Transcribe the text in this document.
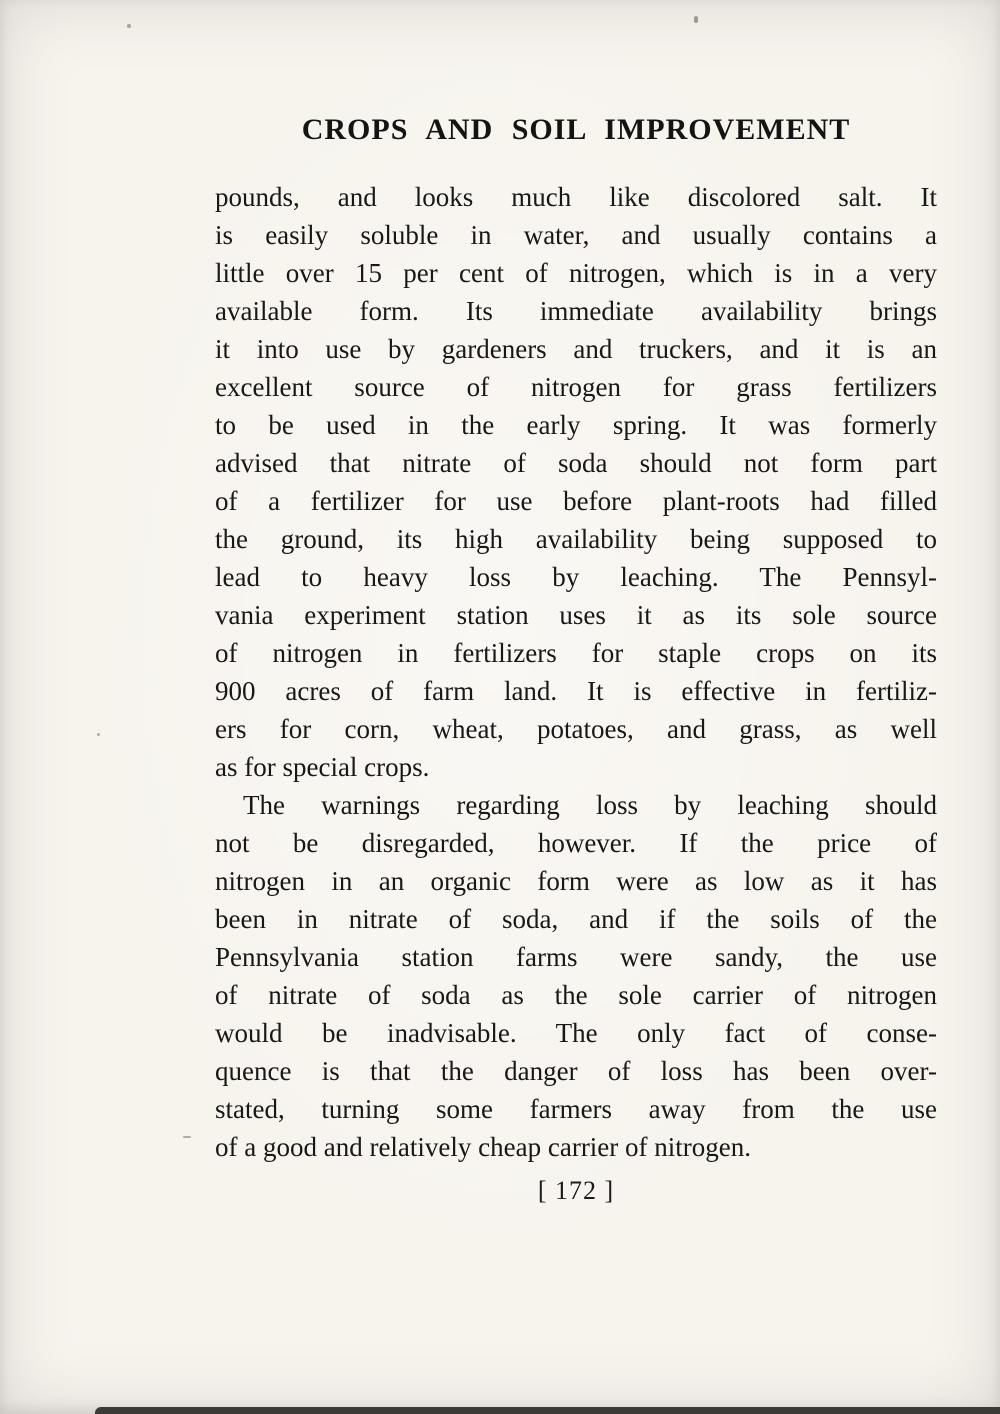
CROPS AND SOIL IMPROVEMENT

pounds, and looks much like discolored salt. It
is easily soluble in water, and usually contains a
little over 15 per cent of nitrogen, which is in a very
available form. Its immediate availability brings
it into use by gardeners and truckers, and it is an
excellent source of nitrogen for grass fertilizers
to be used in the early spring. It was formerly
advised that nitrate of soda should not form part
of a fertilizer for use before plant-roots had filled
the ground, its high availability being supposed to
lead to heavy loss by leaching. The Pennsyl-
vania experiment station uses it as its sole source
of nitrogen in fertilizers for staple crops on its
900 acres of farm land. It is effective in fertiliz-
ers for corn, wheat, potatoes, and grass, as well
as for special crops.

The warnings regarding loss by leaching should
not be disregarded, however. If the price of
nitrogen in an organic form were as low as it has
been in nitrate of soda, and if the soils of the
Pennsylvania station farms were sandy, the use
of nitrate of soda as the sole carrier of nitrogen
would be inadvisable. The only fact of conse-
quence is that the danger of loss has been over-
stated, turning some farmers away from the use
of a good and relatively cheap carrier of nitrogen.

[ 172 ]
